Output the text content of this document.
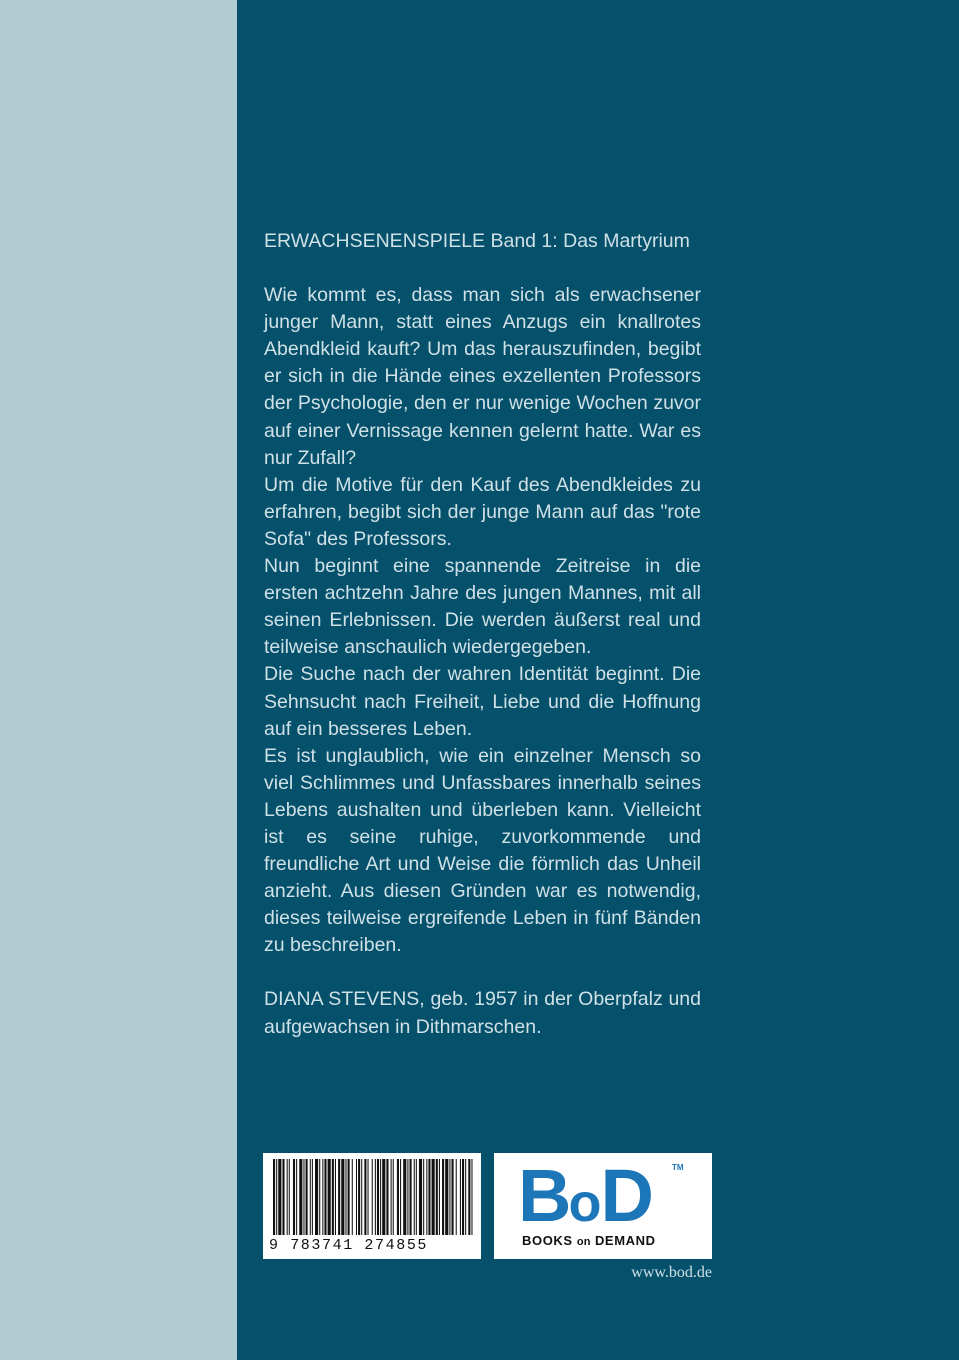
ERWACHSENENSPIELE Band 1: Das Martyrium

Wie kommt es, dass man sich als erwachsener junger Mann, statt eines Anzugs ein knallrotes Abendkleid kauft? Um das herauszufinden, begibt er sich in die Hände eines exzellenten Professors der Psychologie, den er nur wenige Wochen zuvor auf einer Vernissage kennen gelernt hatte. War es nur Zufall?

Um die Motive für den Kauf des Abendkleides zu erfahren, begibt sich der junge Mann auf das "rote Sofa" des Professors.

Nun beginnt eine spannende Zeitreise in die ersten achtzehn Jahre des jungen Mannes, mit all seinen Erlebnissen. Die werden äußerst real und teilweise anschaulich wiedergegeben.

Die Suche nach der wahren Identität beginnt. Die Sehnsucht nach Freiheit, Liebe und die Hoffnung auf ein besseres Leben.

Es ist unglaublich, wie ein einzelner Mensch so viel Schlimmes und Unfassbares innerhalb seines Lebens aushalten und überleben kann. Vielleicht ist es seine ruhige, zuvorkommende und freundliche Art und Weise die förmlich das Unheil anzieht. Aus diesen Gründen war es notwendig, dieses teilweise ergreifende Leben in fünf Bänden zu beschreiben.

DIANA STEVENS, geb. 1957 in der Oberpfalz und aufgewachsen in Dithmarschen.

9 783741 274855
BoD	TM
BOOKS on DEMAND
www.bod.de
